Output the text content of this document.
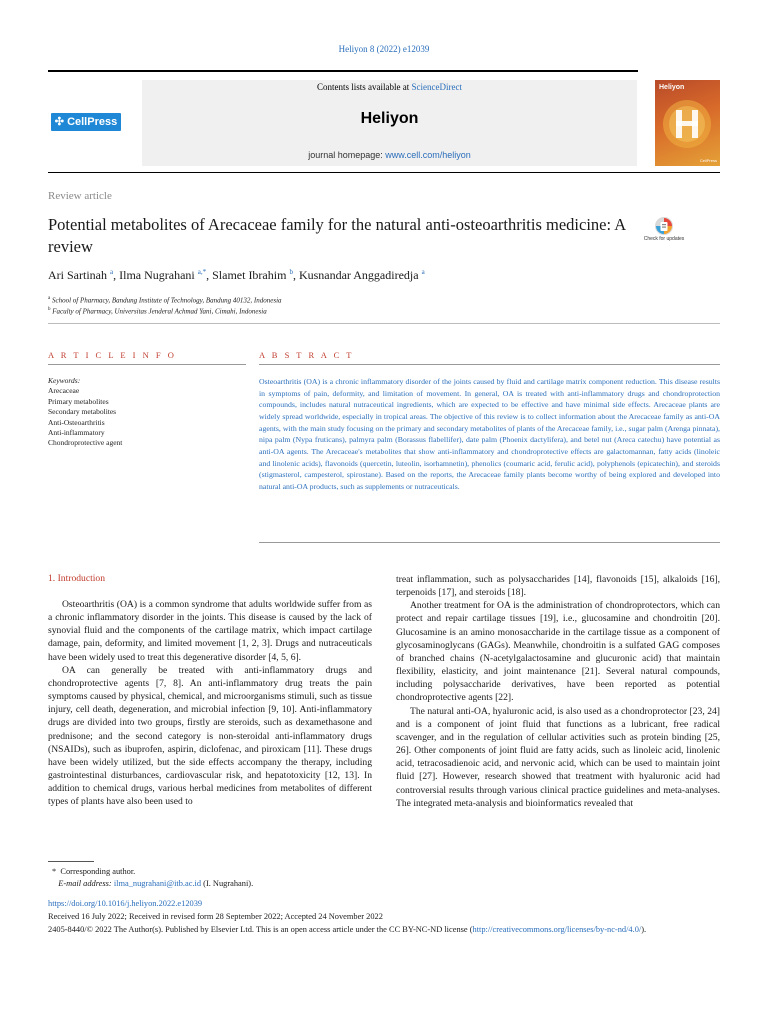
Heliyon 8 (2022) e12039
✣ CellPress
Contents lists available at ScienceDirect
Heliyon
journal homepage: www.cell.com/heliyon
Heliyon
CellPress
Review article
Potential metabolites of Arecaceae family for the natural anti-osteoarthritis medicine: A review	Check for updates
Ari Sartinah $^a$, Ilma Nugrahani $^{a,*}$, Slamet Ibrahim $^b$, Kusnandar Anggadiredja $^a$
$^a$ School of Pharmacy, Bandung Institute of Technology, Bandung 40132, Indonesia
$^b$ Faculty of Pharmacy, Universitas Jenderal Achmad Yani, Cimahi, Indonesia
A R T I C L E I N F O	A B S T R A C T
Keywords:
Arecaceae
Primary metabolites
Secondary metabolites
Anti-Osteoarthritis
Anti-inflammatory
Chondroprotective agent
Osteoarthritis (OA) is a chronic inflammatory disorder of the joints caused by fluid and cartilage matrix component reduction. This disease results in symptoms of pain, deformity, and limitation of movement. In general, OA is treated with anti-inflammatory drugs and chondroprotection compounds, includes natural nutraceutical ingredients, which are expected to be effective and have minimal side effects. Arecaceae plants are widely spread worldwide, especially in tropical areas. The objective of this review is to collect information about the Arecaceae family as anti-OA agents, with the main study focusing on the primary and secondary metabolites of plants of the Arecaceae family, i.e., sugar palm (Arenga pinnata), nipa palm (Nypa fruticans), palmyra palm (Borassus flabellifer), date palm (Phoenix dactylifera), and betel nut (Areca catechu) have potential as anti-OA agents. The Arecaceae's metabolites that show anti-inflammatory and chondroprotective effects are galactomannan, fatty acids (linoleic and linolenic acids), flavonoids (quercetin, luteolin, isorhamnetin), phenolics (coumaric acid, ferulic acid), polyphenols (epicatechin), and steroids (stigmasterol, campesterol, spirostane). Based on the reports, the Arecaceae family plants become worthy of being explored and developed into natural anti-OA products, such as supplements or nutraceuticals.
1. Introduction

Osteoarthritis (OA) is a common syndrome that adults worldwide suffer from as a chronic inflammatory disorder in the joints. This disease is caused by the lack of synovial fluid and the components of the cartilage matrix, which impact cartilage damage, pain, deformity, and limited movement [1, 2, 3]. Drugs and nutraceuticals have been widely used to treat this degenerative disorder [4, 5, 6].

OA can generally be treated with anti-inflammatory drugs and chondroprotective agents [7, 8]. An anti-inflammatory drug treats the pain symptoms caused by physical, chemical, and microorganisms stimuli, such as tissue injury, cell death, degeneration, and microbial infection [9, 10]. Anti-inflammatory drugs are divided into two groups, firstly are steroids, such as dexamethasone and prednisone; and the second category is non-steroidal anti-inflammatory drugs (NSAIDs), such as ibuprofen, aspirin, diclofenac, and piroxicam [11]. These drugs have been widely utilized, but the side effects accompany the therapy, including gastrointestinal disturbances, cardiovascular risk, and hepatotoxicity [12, 13]. In addition to chemical drugs, various herbal medicines from metabolites of different types of plants have also been used to

treat inflammation, such as polysaccharides [14], flavonoids [15], alkaloids [16], terpenoids [17], and steroids [18].

Another treatment for OA is the administration of chondroprotectors, which can protect and repair cartilage tissues [19], i.e., glucosamine and chondroitin [20]. Glucosamine is an amino monosaccharide in the cartilage tissue as a component of glycosaminoglycans (GAGs). Meanwhile, chondroitin is a sulfated GAG composes of branched chains (N-acetylgalactosamine and glucuronic acid) that maintain flexibility, elasticity, and joint maintenance [21]. Several natural compounds, including polysaccharide derivatives, have been reported as potential chondroprotective agents [22].

The natural anti-OA, hyaluronic acid, is also used as a chondroprotector [23, 24] and is a component of joint fluid that functions as a lubricant, free radical scavenger, and in the regulation of cellular activities such as protein binding [25, 26]. Other components of joint fluid are fatty acids, such as linoleic acid, linolenic acid, tetracosadienoic acid, and nervonic acid, which can be used to maintain joint fluid [27]. However, research showed that treatment with hyaluronic acid had controversial results through various clinical practice guidelines and meta-analyses. The integrated meta-analysis and bioinformatics revealed that

* Corresponding author.
E-mail address: ilma_nugrahani@itb.ac.id (I. Nugrahani).
https://doi.org/10.1016/j.heliyon.2022.e12039
Received 16 July 2022; Received in revised form 28 September 2022; Accepted 24 November 2022
2405-8440/© 2022 The Author(s). Published by Elsevier Ltd. This is an open access article under the CC BY-NC-ND license (http://creativecommons.org/licenses/by-nc-nd/4.0/).
